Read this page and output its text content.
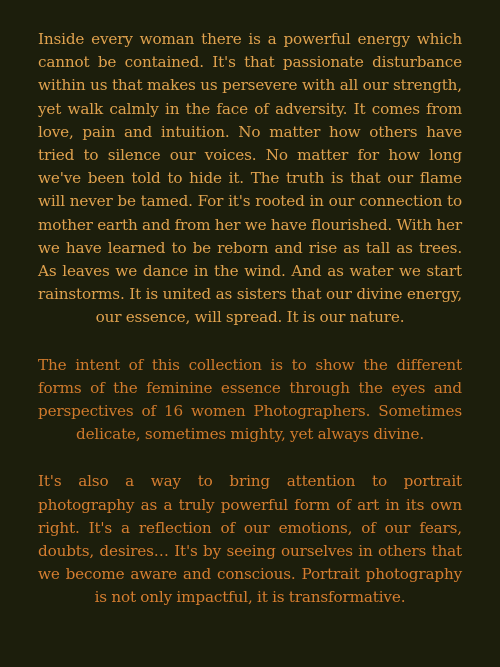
Inside every woman there is a powerful energy which cannot be contained. It's that passionate disturbance within us that makes us persevere with all our strength, yet walk calmly in the face of adversity. It comes from love, pain and intuition. No matter how others have tried to silence our voices. No matter for how long we've been told to hide it. The truth is that our flame will never be tamed. For it's rooted in our connection to mother earth and from her we have flourished. With her we have learned to be reborn and rise as tall as trees. As leaves we dance in the wind. And as water we start rainstorms. It is united as sisters that our divine energy, our essence, will spread. It is our nature.

The intent of this collection is to show the different forms of the feminine essence through the eyes and perspectives of 16 women Photographers. Sometimes delicate, sometimes mighty, yet always divine.

It's also a way to bring attention to portrait photography as a truly powerful form of art in its own right. It's a reflection of our emotions, of our fears, doubts, desires… It's by seeing ourselves in others that we become aware and conscious. Portrait photography is not only impactful, it is transformative.
